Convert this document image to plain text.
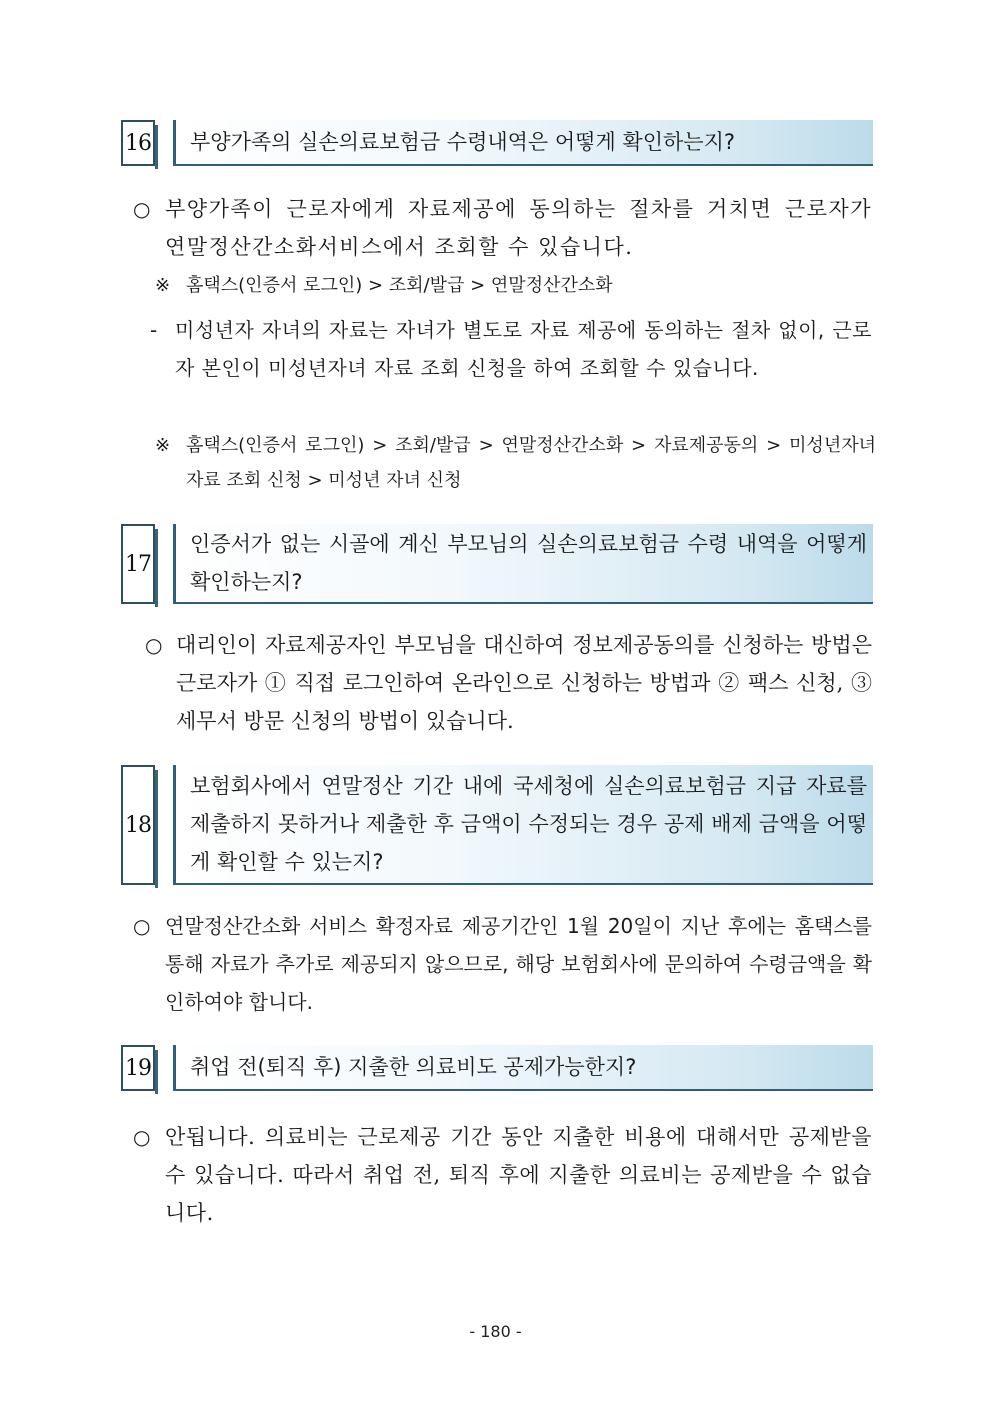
16 부양가족의 실손의료보험금 수령내역은 어떻게 확인하는지?
○ 부양가족이 근로자에게 자료제공에 동의하는 절차를 거치면 근로자가 연말정산간소화서비스에서 조회할 수 있습니다.
※ 홈택스(인증서 로그인) > 조회/발급 > 연말정산간소화
- 미성년자 자녀의 자료는 자녀가 별도로 자료 제공에 동의하는 절차 없이, 근로자 본인이 미성년자녀 자료 조회 신청을 하여 조회할 수 있습니다.
※ 홈택스(인증서 로그인) > 조회/발급 > 연말정산간소화 > 자료제공동의 > 미성년자녀 자료 조회 신청 > 미성년 자녀 신청
17
인증서가 없는 시골에 계신 부모님의 실손의료보험금 수령 내역을 어떻게 확인하는지?
○ 대리인이 자료제공자인 부모님을 대신하여 정보제공동의를 신청하는 방법은 근로자가 ① 직접 로그인하여 온라인으로 신청하는 방법과 ② 팩스 신청, ③ 세무서 방문 신청의 방법이 있습니다.
18
보험회사에서 연말정산 기간 내에 국세청에 실손의료보험금 지급 자료를 제출하지 못하거나 제출한 후 금액이 수정되는 경우 공제 배제 금액을 어떻게 확인할 수 있는지?
○ 연말정산간소화 서비스 확정자료 제공기간인 1월 20일이 지난 후에는 홈택스를 통해 자료가 추가로 제공되지 않으므로, 해당 보험회사에 문의하여 수령금액을 확인하여야 합니다.
19 취업 전(퇴직 후) 지출한 의료비도 공제가능한지?
○ 안됩니다. 의료비는 근로제공 기간 동안 지출한 비용에 대해서만 공제받을 수 있습니다. 따라서 취업 전, 퇴직 후에 지출한 의료비는 공제받을 수 없습니다.
- 180 -
